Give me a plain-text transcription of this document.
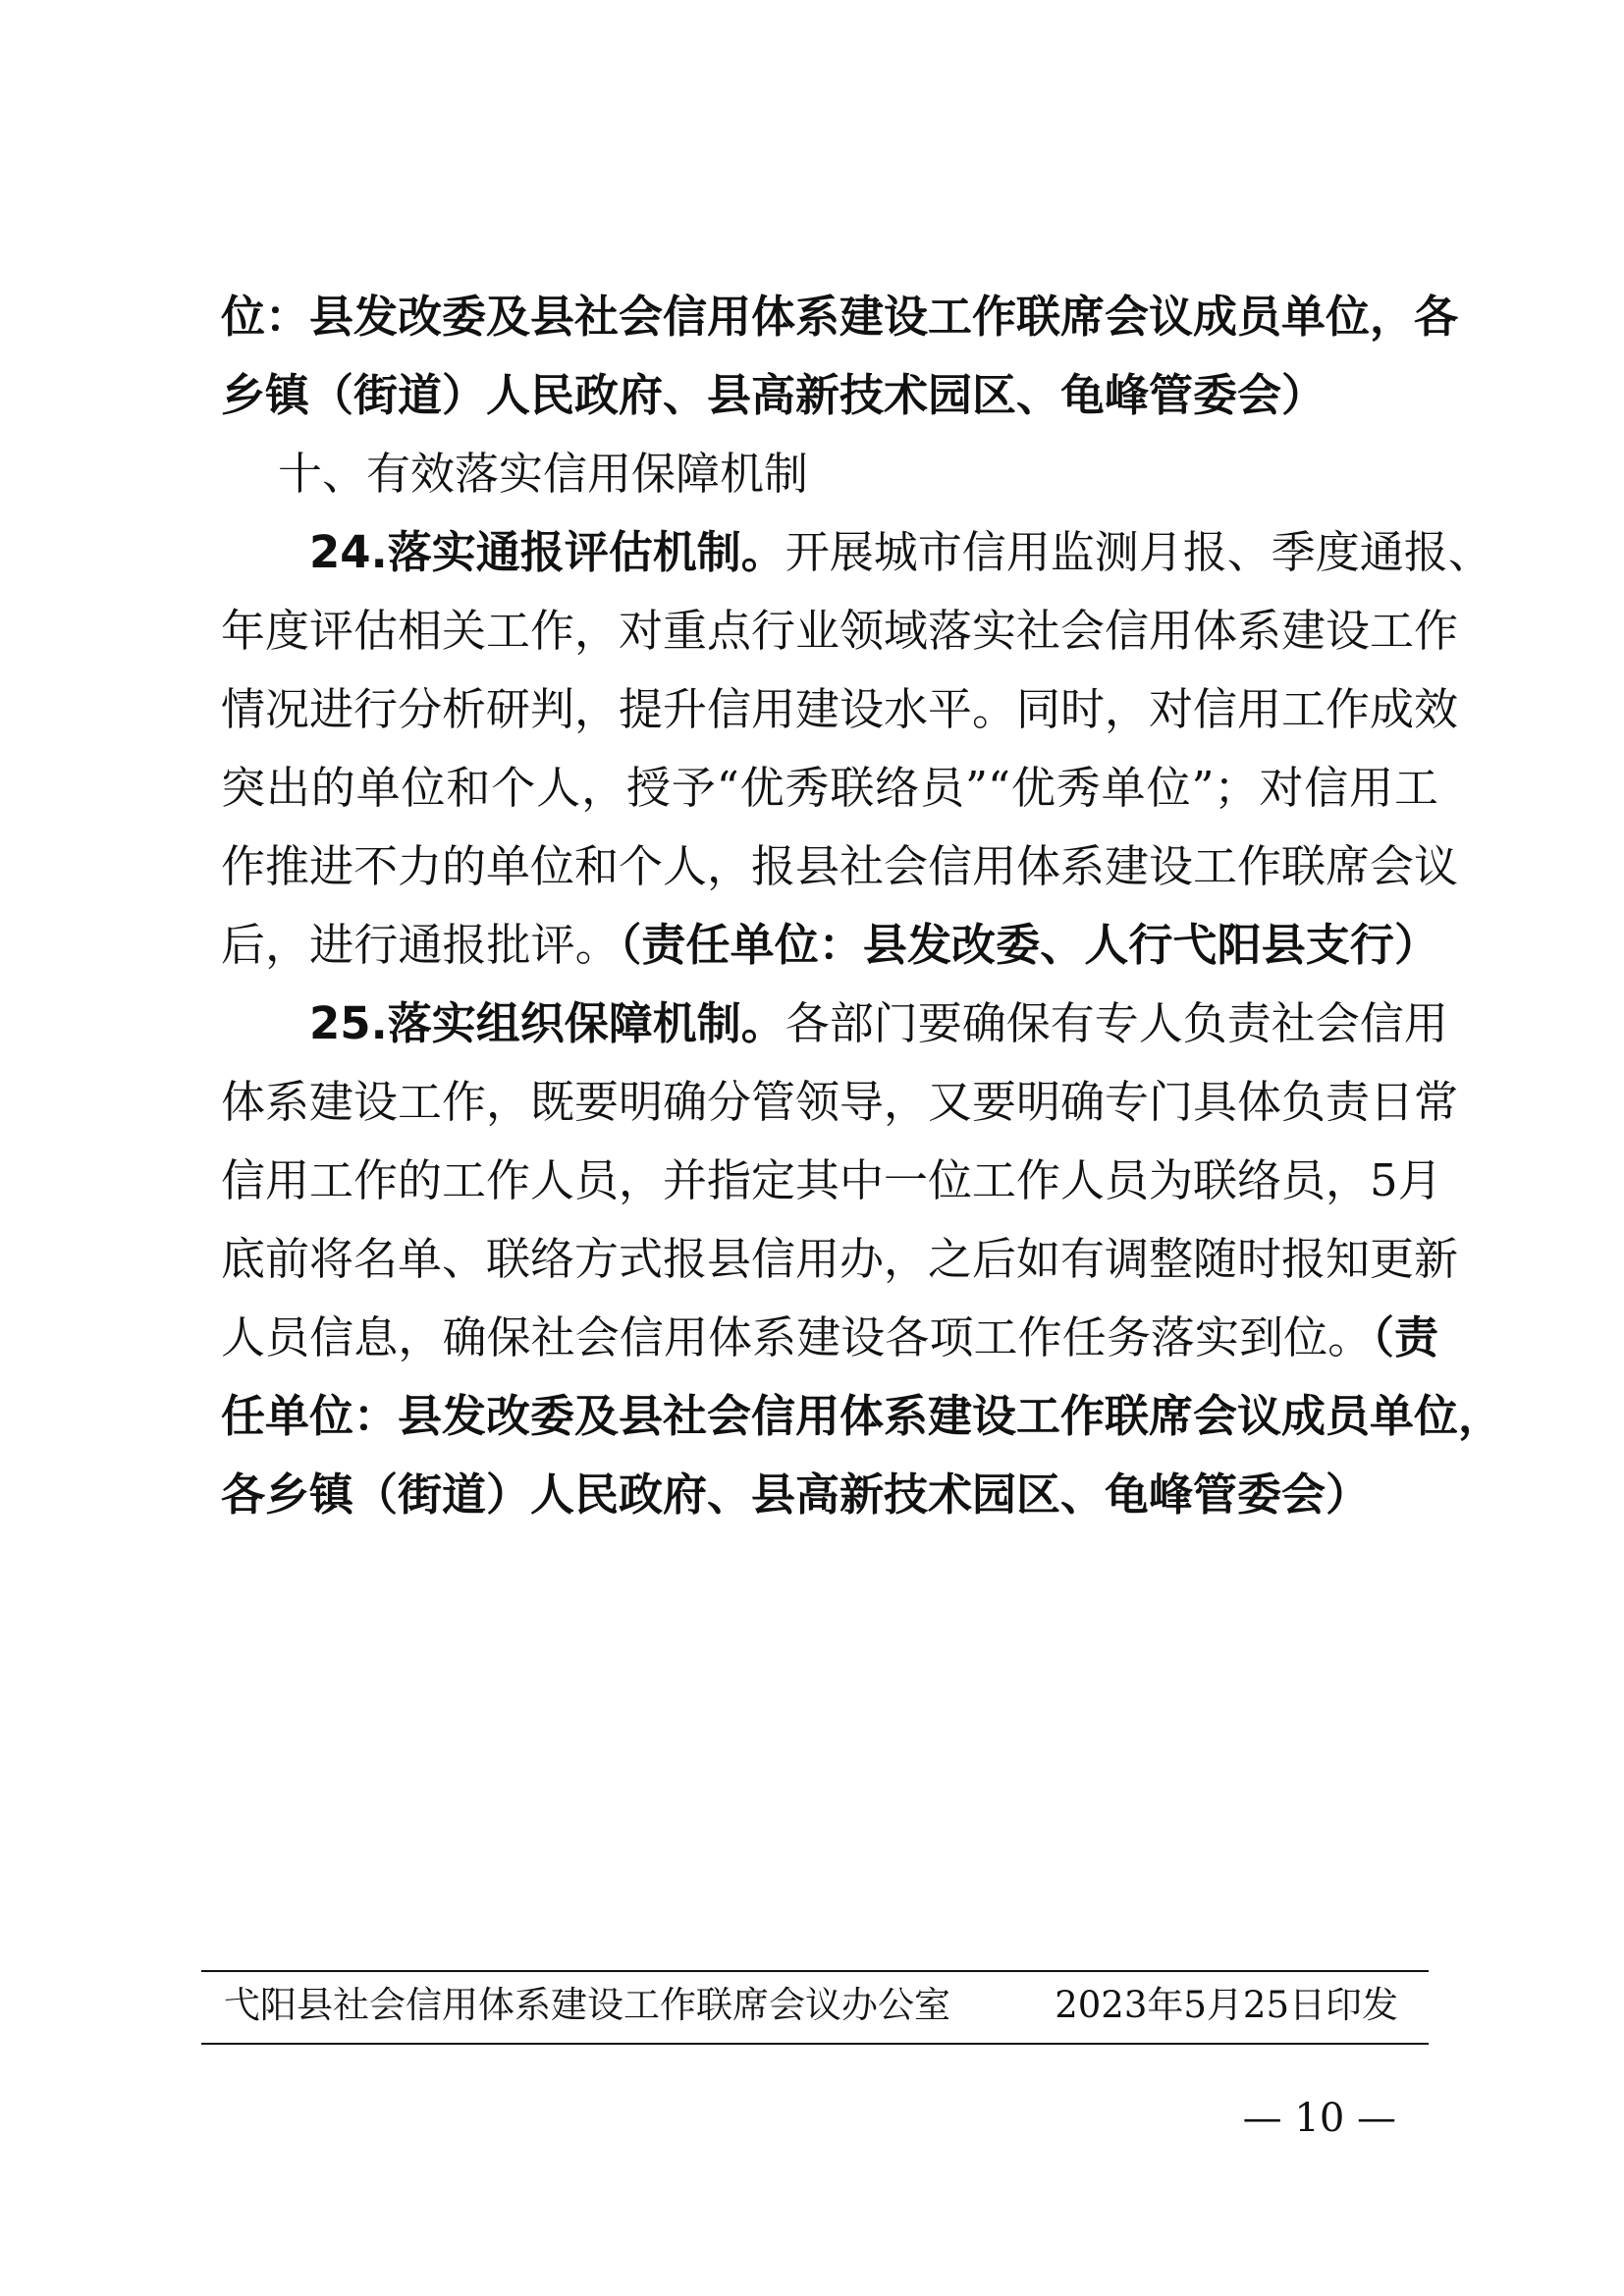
位：县发改委及县社会信用体系建设工作联席会议成员单位，各
乡镇（街道）人民政府、县高新技术园区、龟峰管委会）
十、有效落实信用保障机制
24.落实通报评估机制。开展城市信用监测月报、季度通报、
年度评估相关工作，对重点行业领域落实社会信用体系建设工作
情况进行分析研判，提升信用建设水平。同时，对信用工作成效
突出的单位和个人，授予“优秀联络员”“优秀单位”；对信用工
作推进不力的单位和个人，报县社会信用体系建设工作联席会议
后，进行通报批评。（责任单位：县发改委、人行弋阳县支行）
25.落实组织保障机制。各部门要确保有专人负责社会信用
体系建设工作，既要明确分管领导，又要明确专门具体负责日常
信用工作的工作人员，并指定其中一位工作人员为联络员，5月
底前将名单、联络方式报县信用办，之后如有调整随时报知更新
人员信息，确保社会信用体系建设各项工作任务落实到位。（责
任单位：县发改委及县社会信用体系建设工作联席会议成员单位，
各乡镇（街道）人民政府、县高新技术园区、龟峰管委会）
弋阳县社会信用体系建设工作联席会议办公室	2023年5月25日印发
— 10 —
